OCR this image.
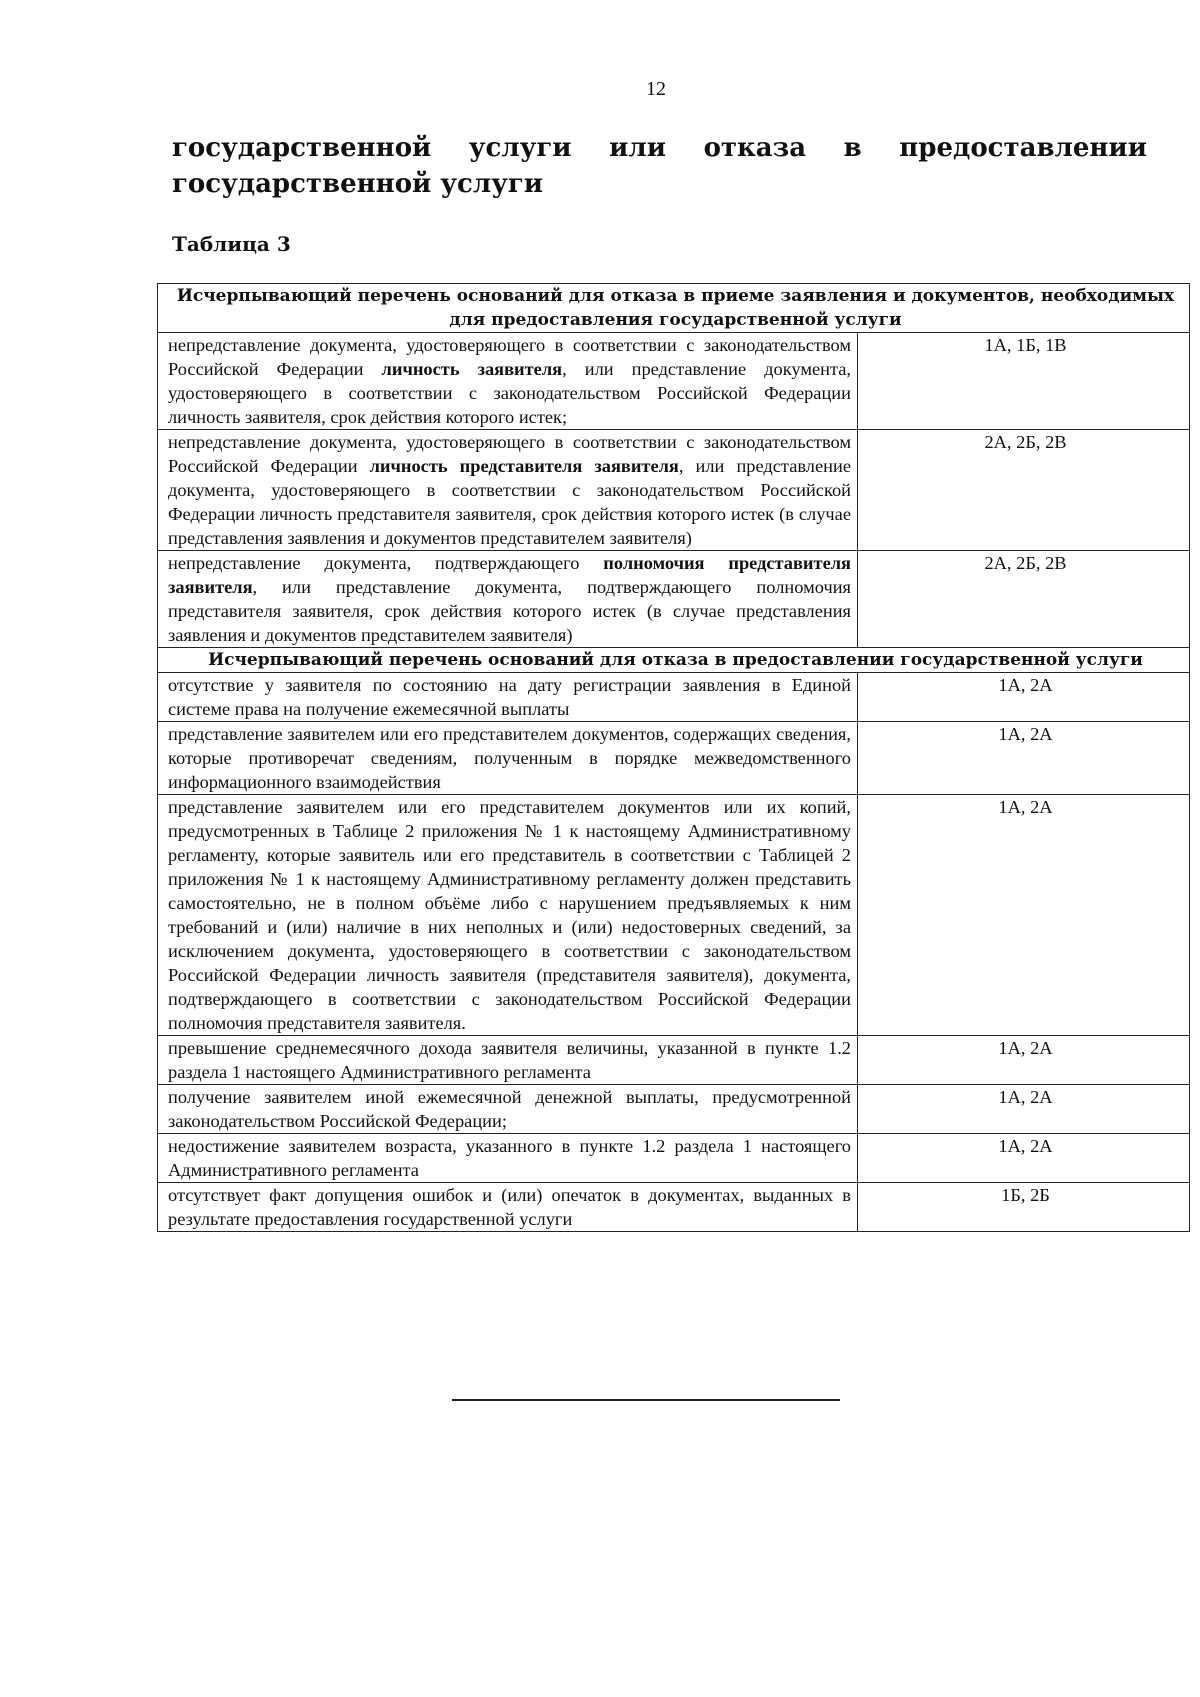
12
государственной услуги или отказа в предоставлении государственной услуги
Таблица 3
Исчерпывающий перечень оснований для отказа в приеме заявления и документов, необходимых для предоставления государственной услуги	
непредставление документа, удостоверяющего в соответствии с законодательством Российской Федерации личность заявителя, или представление документа, удостоверяющего в соответствии с законодательством Российской Федерации личность заявителя, срок действия которого истек;	1А, 1Б, 1В
непредставление документа, удостоверяющего в соответствии с законодательством Российской Федерации личность представителя заявителя, или представление документа, удостоверяющего в соответствии с законодательством Российской Федерации личность представителя заявителя, срок действия которого истек (в случае представления заявления и документов представителем заявителя)	2А, 2Б, 2В
непредставление документа, подтверждающего полномочия представителя заявителя, или представление документа, подтверждающего полномочия представителя заявителя, срок действия которого истек (в случае представления заявления и документов представителем заявителя)	2А, 2Б, 2В
Исчерпывающий перечень оснований для отказа в предоставлении государственной услуги	
отсутствие у заявителя по состоянию на дату регистрации заявления в Единой системе права на получение ежемесячной выплаты	1А, 2А
представление заявителем или его представителем документов, содержащих сведения, которые противоречат сведениям, полученным в порядке межведомственного информационного взаимодействия	1А, 2А
представление заявителем или его представителем документов или их копий, предусмотренных в Таблице 2 приложения № 1 к настоящему Административному регламенту, которые заявитель или его представитель в соответствии с Таблицей 2 приложения № 1 к настоящему Административному регламенту должен представить самостоятельно, не в полном объёме либо с нарушением предъявляемых к ним требований и (или) наличие в них неполных и (или) недостоверных сведений, за исключением документа, удостоверяющего в соответствии с законодательством Российской Федерации личность заявителя (представителя заявителя), документа, подтверждающего в соответствии с законодательством Российской Федерации полномочия представителя заявителя.	1А, 2А
превышение среднемесячного дохода заявителя величины, указанной в пункте 1.2 раздела 1 настоящего Административного регламента	1А, 2А
получение заявителем иной ежемесячной денежной выплаты, предусмотренной законодательством Российской Федерации;	1А, 2А
недостижение заявителем возраста, указанного в пункте 1.2 раздела 1 настоящего Административного регламента	1А, 2А
отсутствует факт допущения ошибок и (или) опечаток в документах, выданных в результате предоставления государственной услуги	1Б, 2Б
